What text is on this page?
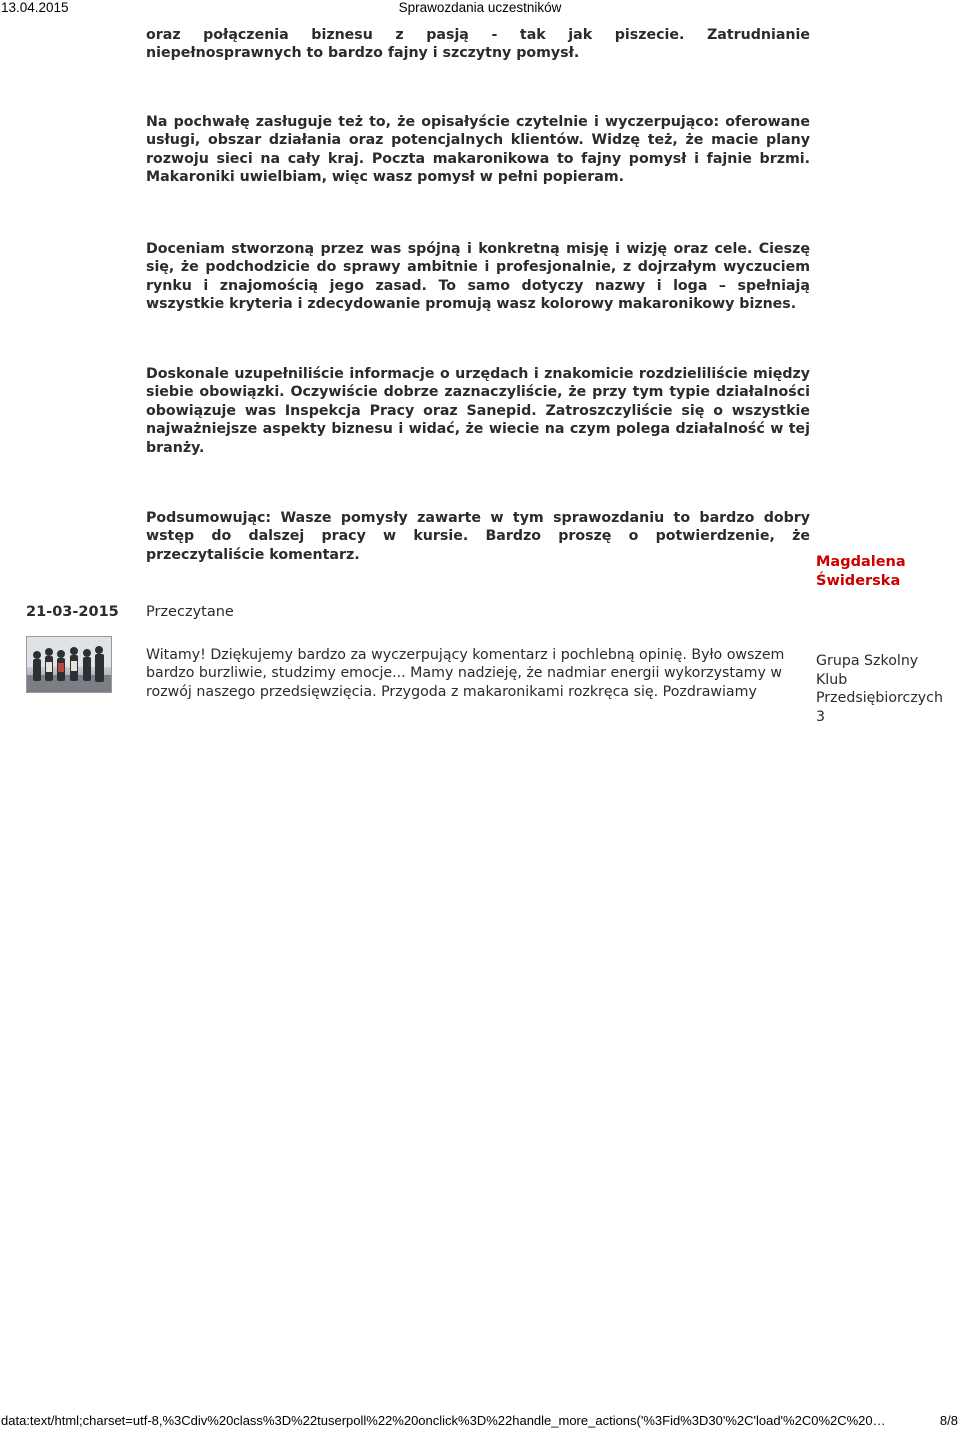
13.04.2015	Sprawozdania uczestników

oraz połączenia biznesu z pasją - tak jak piszecie. Zatrudnianie niepełnosprawnych to bardzo fajny i szczytny pomysł.

Na pochwałę zasługuje też to, że opisałyście czytelnie i wyczerpująco: oferowane usługi, obszar działania oraz potencjalnych klientów. Widzę też, że macie plany rozwoju sieci na cały kraj. Poczta makaronikowa to fajny pomysł i fajnie brzmi. Makaroniki uwielbiam, więc wasz pomysł w pełni popieram.

Doceniam stworzoną przez was spójną i konkretną misję i wizję oraz cele. Cieszę się, że podchodzicie do sprawy ambitnie i profesjonalnie, z dojrzałym wyczuciem rynku i znajomością jego zasad. To samo dotyczy nazwy i loga – spełniają wszystkie kryteria i zdecydowanie promują wasz kolorowy makaronikowy biznes.

Doskonale uzupełniliście informacje o urzędach i znakomicie rozdzieliliście między siebie obowiązki. Oczywiście dobrze zaznaczyliście, że przy tym typie działalności obowiązuje was Inspekcja Pracy oraz Sanepid. Zatroszczyliście się o wszystkie najważniejsze aspekty biznesu i widać, że wiecie na czym polega działalność w tej branży.

Podsumowując: Wasze pomysły zawarte w tym sprawozdaniu to bardzo dobry wstęp do dalszej pracy w kursie. Bardzo proszę o potwierdzenie, że przeczytaliście komentarz.	Magdalena Świderska
21-03-2015 Przeczytane
Witamy! Dziękujemy bardzo za wyczerpujący komentarz i pochlebną opinię. Było owszem bardzo burzliwie, studzimy emocje... Mamy nadzieję, że nadmiar energii wykorzystamy w rozwój naszego przedsięwzięcia. Przygoda z makaronikami rozkręca się. Pozdrawiamy
Grupa Szkolny Klub Przedsiębiorczych 3
data:text/html;charset=utf-8,%3Cdiv%20class%3D%22tuserpoll%22%20onclick%3D%22handle_more_actions('%3Fid%3D30'%2C'load'%2C0%2C%20…	8/8
